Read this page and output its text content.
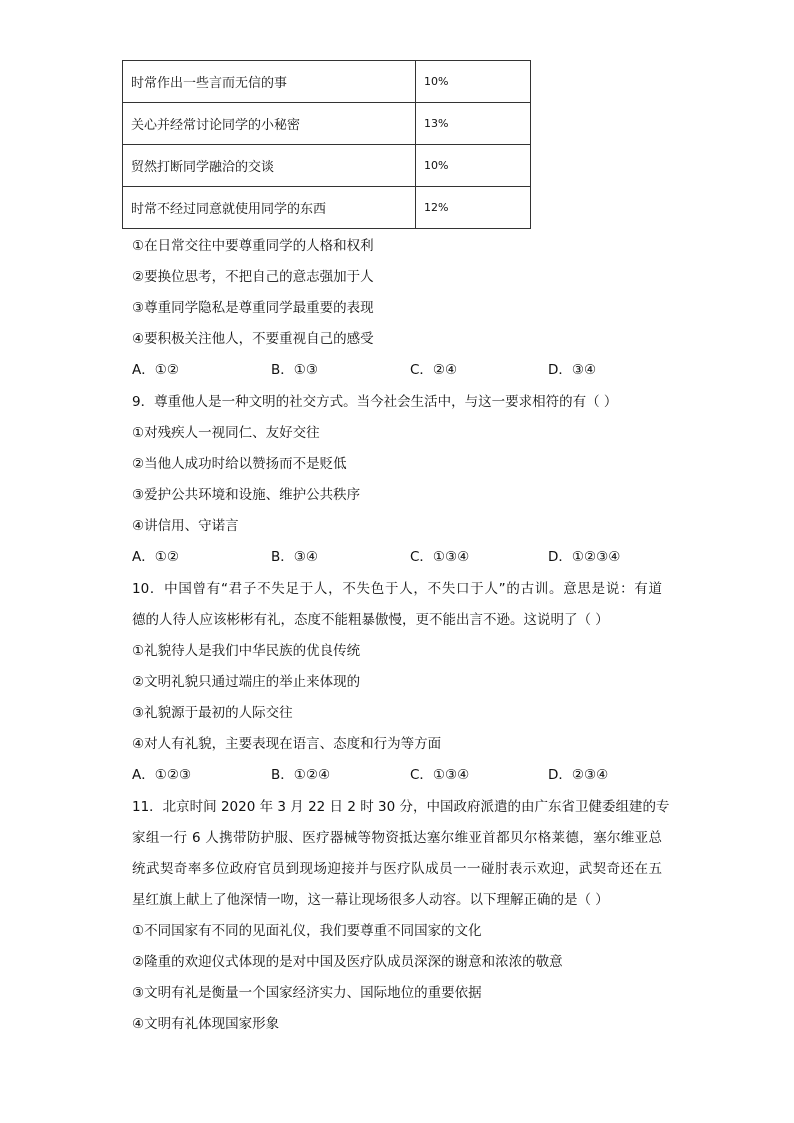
时常作出一些言而无信的事	10%
关心并经常讨论同学的小秘密	13%
贸然打断同学融洽的交谈	10%
时常不经过同意就使用同学的东西	12%
①在日常交往中要尊重同学的人格和权利
②要换位思考，不把自己的意志强加于人
③尊重同学隐私是尊重同学最重要的表现
④要积极关注他人，不要重视自己的感受
A．①②	B．①③	C．②④	D．③④
9．尊重他人是一种文明的社交方式。当今社会生活中，与这一要求相符的有（ ）
①对残疾人一视同仁、友好交往
②当他人成功时给以赞扬而不是贬低
③爱护公共环境和设施、维护公共秩序
④讲信用、守诺言
A．①②	B．③④	C．①③④	D．①②③④
10．中国曾有“君子不失足于人，不失色于人，不失口于人”的古训。意思是说：有道
德的人待人应该彬彬有礼，态度不能粗暴傲慢，更不能出言不逊。这说明了（ ）
①礼貌待人是我们中华民族的优良传统
②文明礼貌只通过端庄的举止来体现的
③礼貌源于最初的人际交往
④对人有礼貌，主要表现在语言、态度和行为等方面
A．①②③	B．①②④	C．①③④	D．②③④
11．北京时间 2020 年 3 月 22 日 2 时 30 分，中国政府派遣的由广东省卫健委组建的专
家组一行 6 人携带防护服、医疗器械等物资抵达塞尔维亚首都贝尔格莱德，塞尔维亚总
统武契奇率多位政府官员到现场迎接并与医疗队成员一一碰肘表示欢迎，武契奇还在五
星红旗上献上了他深情一吻，这一幕让现场很多人动容。以下理解正确的是（ ）
①不同国家有不同的见面礼仪，我们要尊重不同国家的文化
②隆重的欢迎仪式体现的是对中国及医疗队成员深深的谢意和浓浓的敬意
③文明有礼是衡量一个国家经济实力、国际地位的重要依据
④文明有礼体现国家形象
